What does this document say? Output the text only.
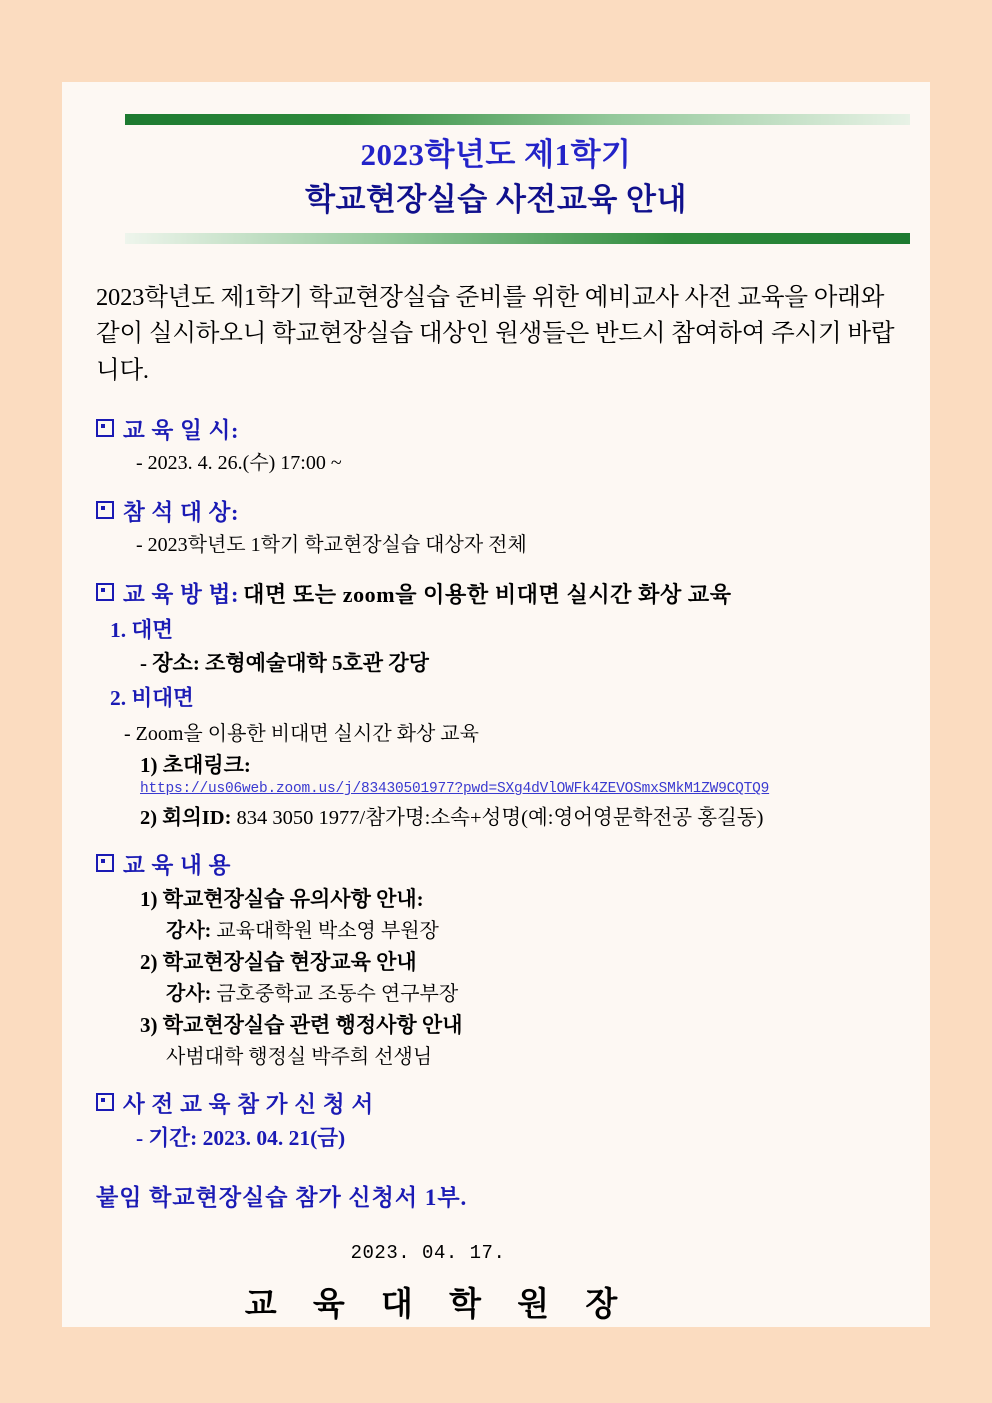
2023학년도 제1학기
학교현장실습 사전교육 안내

2023학년도 제1학기 학교현장실습 준비를 위한 예비교사 사전 교육을 아래와 같이 실시하오니 학교현장실습 대상인 원생들은 반드시 참여하여 주시기 바랍니다.

교 육 일 시:
- 2023. 4. 26.(수) 17:00 ~
참 석 대 상:
- 2023학년도 1학기 학교현장실습 대상자 전체
교 육 방 법: 대면 또는 zoom을 이용한 비대면 실시간 화상 교육
1. 대면
- 장소: 조형예술대학 5호관 강당
2. 비대면
- Zoom을 이용한 비대면 실시간 화상 교육
1) 초대링크:
https://us06web.zoom.us/j/83430501977?pwd=SXg4dVlOWFk4ZEVOSmxSMkM1ZW9CQTQ9
2) 회의ID: 834 3050 1977/참가명:소속+성명(예:영어영문학전공 홍길동)
교 육 내 용
1) 학교현장실습 유의사항 안내:
강사: 교육대학원 박소영 부원장
2) 학교현장실습 현장교육 안내
강사: 금호중학교 조동수 연구부장
3) 학교현장실습 관련 행정사항 안내
사범대학 행정실 박주희 선생님
사 전 교 육 참 가 신 청 서
- 기간: 2023. 04. 21(금)
붙임 학교현장실습 참가 신청서 1부.
2023. 04. 17.
교 육 대 학 원 장
